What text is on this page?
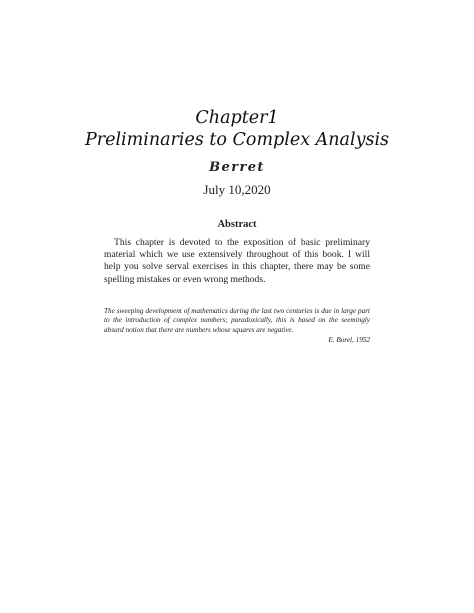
Chapter1
Preliminaries to Complex Analysis
Berret
July 10,2020
Abstract
This chapter is devoted to the exposition of basic preliminary material which we use extensively throughout of this book. I will help you solve serval exercises in this chapter, there may be some spelling mistakes or even wrong methods.
The sweeping development of mathematics during the last two centuries is due in large part to the introduction of complex numbers; paradoxically, this is based on the seemingly absurd notion that there are numbers whose squares are negative.
E. Borel, 1952
